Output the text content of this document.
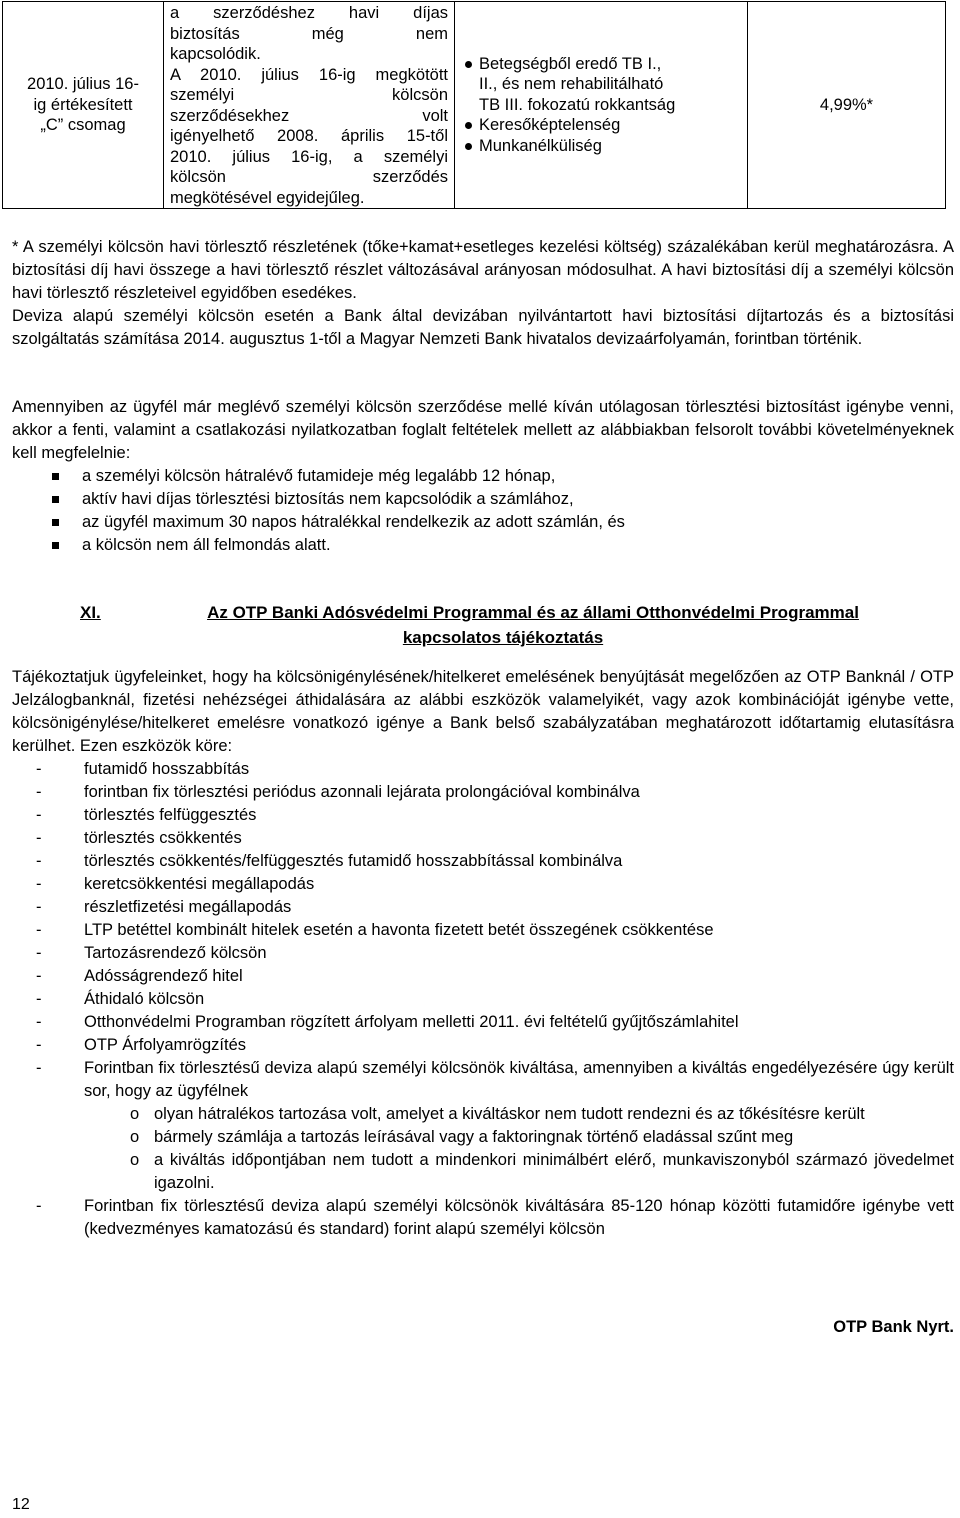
2010. július 16-
ig értékesített
„C” csomag

a szerződéshez havi díjas
biztosítás még nem
kapcsolódik.
A 2010. július 16-ig megkötött
személyi kölcsön
szerződésekhez volt
igényelhető 2008. április 15-től
2010. július 16-ig, a személyi
kölcsön szerződés
megkötésével egyidejűleg.

Betegségből eredő TB I.,
II., és nem rehabilitálható
TB III. fokozatú rokkantság
Keresőképtelenség
Munkanélküliség
	4,99%*
* A személyi kölcsön havi törlesztő részletének (tőke+kamat+esetleges kezelési költség) százalékában kerül meghatározásra. A biztosítási díj havi összege a havi törlesztő részlet változásával arányosan módosulhat. A havi biztosítási díj a személyi kölcsön havi törlesztő részleteivel egyidőben esedékes.
Deviza alapú személyi kölcsön esetén a Bank által devizában nyilvántartott havi biztosítási díjtartozás és a biztosítási szolgáltatás számítása 2014. augusztus 1-től a Magyar Nemzeti Bank hivatalos devizaárfolyamán, forintban történik.
Amennyiben az ügyfél már meglévő személyi kölcsön szerződése mellé kíván utólagosan törlesztési biztosítást igénybe venni, akkor a fenti, valamint a csatlakozási nyilatkozatban foglalt feltételek mellett az alábbiakban felsorolt további követelményeknek kell megfelelnie:
a személyi kölcsön hátralévő futamideje még legalább 12 hónap,
aktív havi díjas törlesztési biztosítás nem kapcsolódik a számlához,
az ügyfél maximum 30 napos hátralékkal rendelkezik az adott számlán, és
a kölcsön nem áll felmondás alatt.
XI.	Az OTP Banki Adósvédelmi Programmal és az állami Otthonvédelmi Programmal
kapcsolatos tájékoztatás
Tájékoztatjuk ügyfeleinket, hogy ha kölcsönigénylésének/hitelkeret emelésének benyújtását megelőzően az OTP Banknál / OTP Jelzálogbanknál, fizetési nehézségei áthidalására az alábbi eszközök valamelyikét, vagy azok kombinációját igénybe vette, kölcsönigénylése/hitelkeret emelésre vonatkozó igénye a Bank belső szabályzatában meghatározott időtartamig elutasításra kerülhet. Ezen eszközök köre:
-	futamidő hosszabbítás
-	forintban fix törlesztési periódus azonnali lejárata prolongációval kombinálva
-	törlesztés felfüggesztés
-	törlesztés csökkentés
-	törlesztés csökkentés/felfüggesztés futamidő hosszabbítással kombinálva
-	keretcsökkentési megállapodás
-	részletfizetési megállapodás
-	LTP betéttel kombinált hitelek esetén a havonta fizetett betét összegének csökkentése
-	Tartozásrendező kölcsön
-	Adósságrendező hitel
-	Áthidaló kölcsön
-	Otthonvédelmi Programban rögzített árfolyam melletti 2011. évi feltételű gyűjtőszámlahitel
-	OTP Árfolyamrögzítés
-	Forintban fix törlesztésű deviza alapú személyi kölcsönök kiváltása, amennyiben a kiváltás engedélyezésére úgy került sor, hogy az ügyfélnek
o olyan hátralékos tartozása volt, amelyet a kiváltáskor nem tudott rendezni és az tőkésítésre került
o bármely számlája a tartozás leírásával vagy a faktoringnak történő eladással szűnt meg
o a kiváltás időpontjában nem tudott a mindenkori minimálbért elérő, munkaviszonyból származó jövedelmet igazolni.
-	Forintban fix törlesztésű deviza alapú személyi kölcsönök kiváltására 85-120 hónap közötti futamidőre igénybe vett (kedvezményes kamatozású és standard) forint alapú személyi kölcsön
OTP Bank Nyrt.
12
